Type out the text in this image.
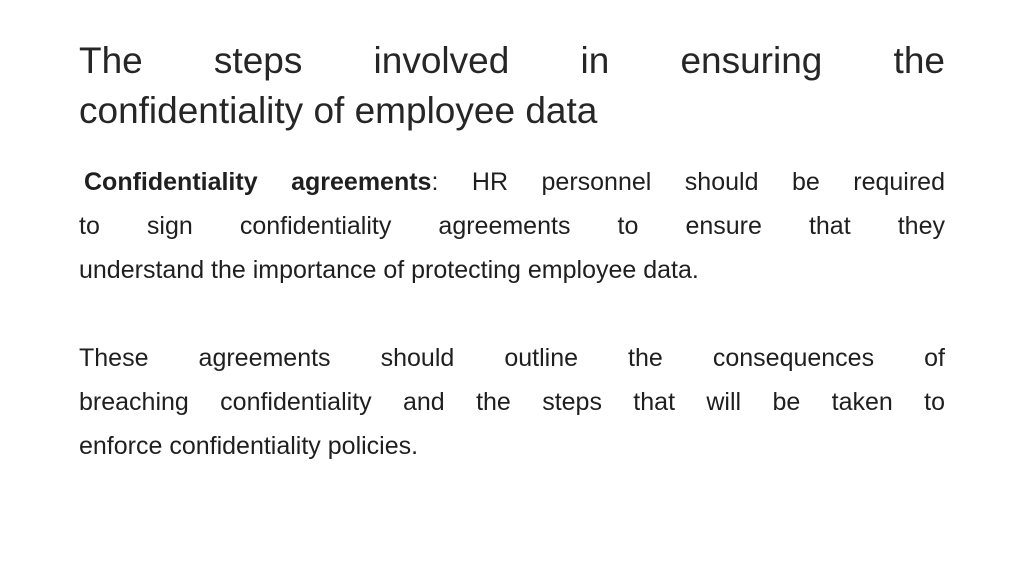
The steps involved in ensuring the
confidentiality of employee data

Confidentiality agreements: HR personnel should be required
to sign confidentiality agreements to ensure that they
understand the importance of protecting employee data.

These agreements should outline the consequences of
breaching confidentiality and the steps that will be taken to
enforce confidentiality policies.
